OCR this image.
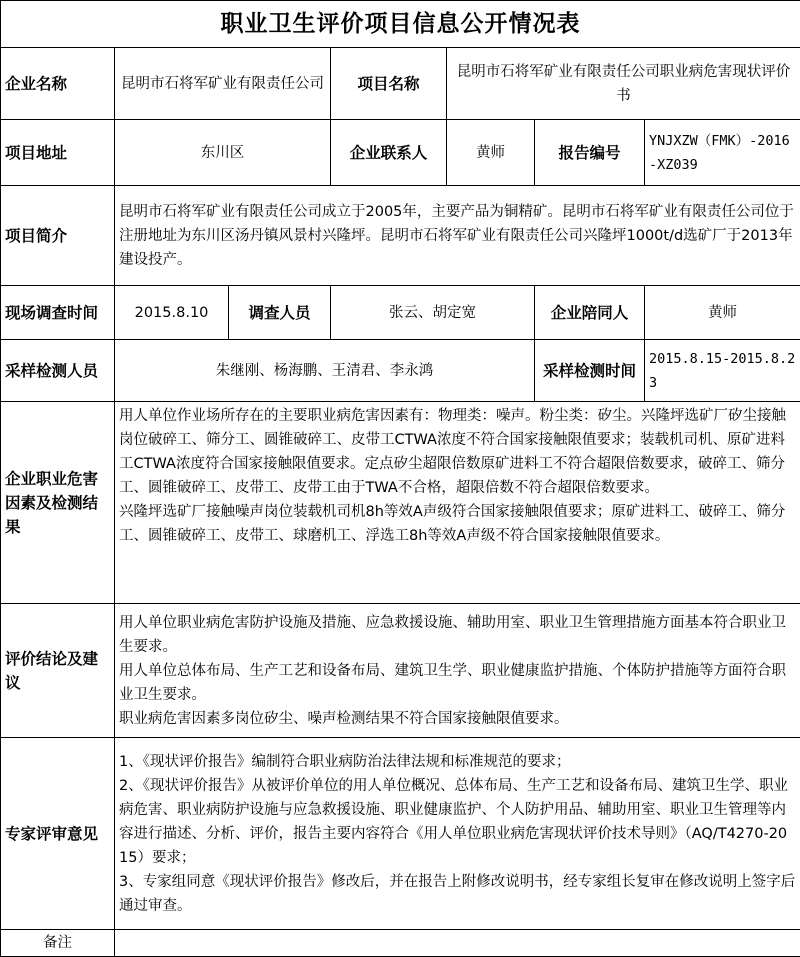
职业卫生评价项目信息公开情况表						
企业名称	昆明市石将军矿业有限责任公司		项目名称	昆明市石将军矿业有限责任公司职业病危害现状评价书		
项目地址	东川区		企业联系人	黄师	报告编号	YNJXZW（FMK）-2016-XZ039
项目简介	昆明市石将军矿业有限责任公司成立于2005年，主要产品为铜精矿。昆明市石将军矿业有限责任公司位于注册地址为东川区汤丹镇风景村兴隆坪。昆明市石将军矿业有限责任公司兴隆坪1000t/d选矿厂于2013年建设投产。					
现场调查时间	2015.8.10	调查人员	张云、胡定宽		企业陪同人	黄师
采样检测人员	朱继刚、杨海鹏、王清君、李永鸿				采样检测时间	2015.8.15-2015.8.23
企业职业危害因素及检测结果	用人单位作业场所存在的主要职业病危害因素有：物理类：噪声。粉尘类：矽尘。兴隆坪选矿厂矽尘接触岗位破碎工、筛分工、圆锥破碎工、皮带工CTWA浓度不符合国家接触限值要求；装载机司机、原矿进料工CTWA浓度符合国家接触限值要求。定点矽尘超限倍数原矿进料工不符合超限倍数要求，破碎工、筛分工、圆锥破碎工、皮带工、皮带工由于TWA不合格，超限倍数不符合超限倍数要求。
兴隆坪选矿厂接触噪声岗位装载机司机8h等效A声级符合国家接触限值要求；原矿进料工、破碎工、筛分工、圆锥破碎工、皮带工、球磨机工、浮选工8h等效A声级不符合国家接触限值要求。					

评价结论及建议	用人单位职业病危害防护设施及措施、应急救援设施、辅助用室、职业卫生管理措施方面基本符合职业卫生要求。
用人单位总体布局、生产工艺和设备布局、建筑卫生学、职业健康监护措施、个体防护措施等方面符合职业卫生要求。
职业病危害因素多岗位矽尘、噪声检测结果不符合国家接触限值要求。					

专家评审意见	1、《现状评价报告》编制符合职业病防治法律法规和标准规范的要求；
2、《现状评价报告》从被评价单位的用人单位概况、总体布局、生产工艺和设备布局、建筑卫生学、职业病危害、职业病防护设施与应急救援设施、职业健康监护、个人防护用品、辅助用室、职业卫生管理等内容进行描述、分析、评价，报告主要内容符合《用人单位职业病危害现状评价技术导则》（AQ/T4270-2015）要求；
3、专家组同意《现状评价报告》修改后，并在报告上附修改说明书，经专家组长复审在修改说明上签字后通过审查。					

备注						
